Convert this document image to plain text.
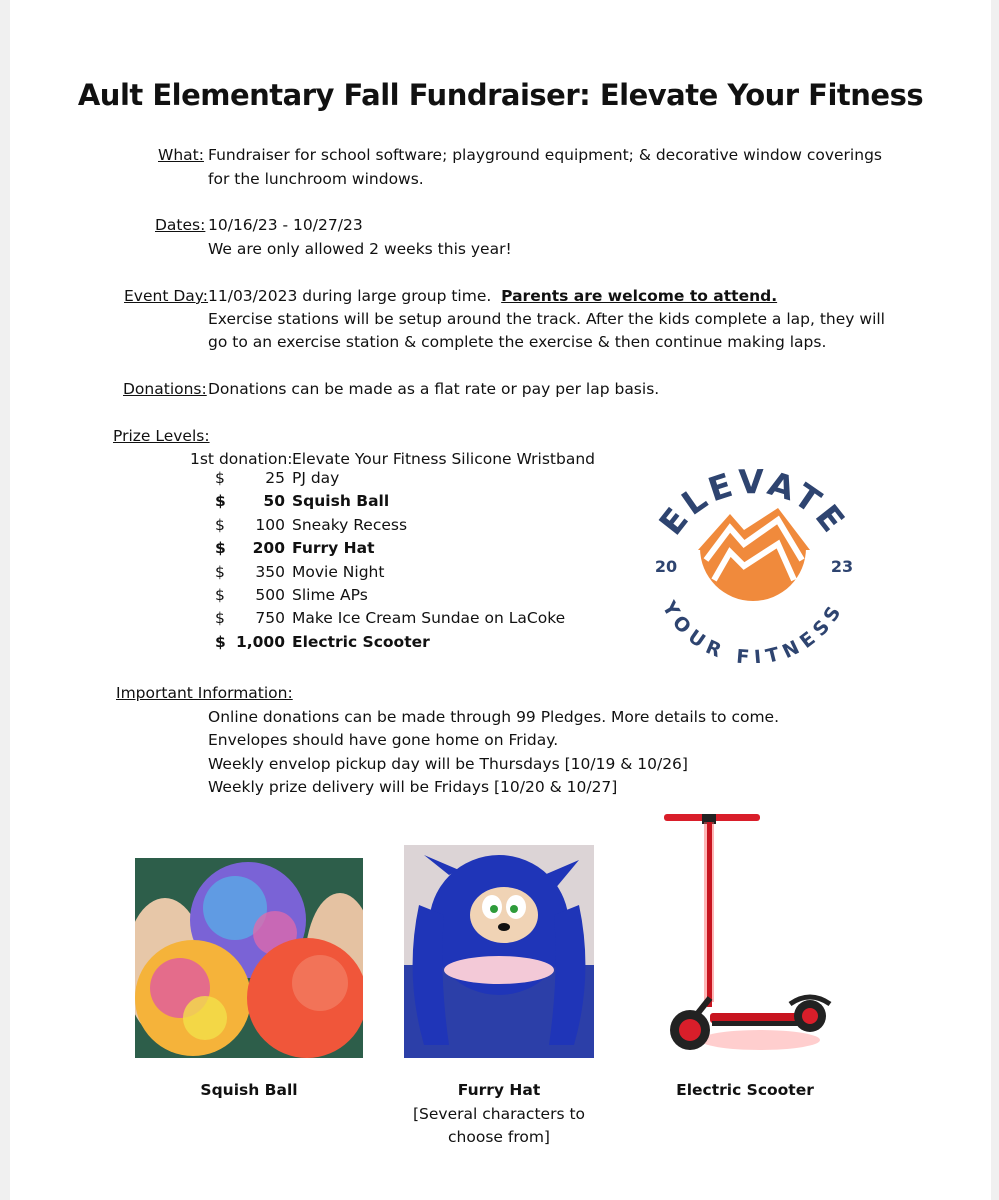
Ault Elementary Fall Fundraiser: Elevate Your Fitness
What: Fundraiser for school software; playground equipment; & decorative window coverings
for the lunchroom windows.
Dates: 10/16/23 - 10/27/23
We are only allowed 2 weeks this year!
Event Day: 11/03/2023 during large group time. Parents are welcome to attend.
Exercise stations will be setup around the track. After the kids complete a lap, they will
go to an exercise station & complete the exercise & then continue making laps.
Donations: Donations can be made as a flat rate or pay per lap basis.
Prize Levels:
1st donation: Elevate Your Fitness Silicone Wristband
$	25 PJ day
$	50 Squish Ball
$	100 Sneaky Recess
$	200 Furry Hat
$	350 Movie Night
$	500 Slime APs
$	750 Make Ice Cream Sundae on LaCoke
$ 1,000 Electric Scooter
ELEVATE
YOUR FITNESS
20	23
Important Information:
Online donations can be made through 99 Pledges. More details to come.
Envelopes should have gone home on Friday.
Weekly envelop pickup day will be Thursdays [10/19 & 10/26]
Weekly prize delivery will be Fridays [10/20 & 10/27]
Squish Ball	Furry Hat
[Several characters to choose from]
Electric Scooter
